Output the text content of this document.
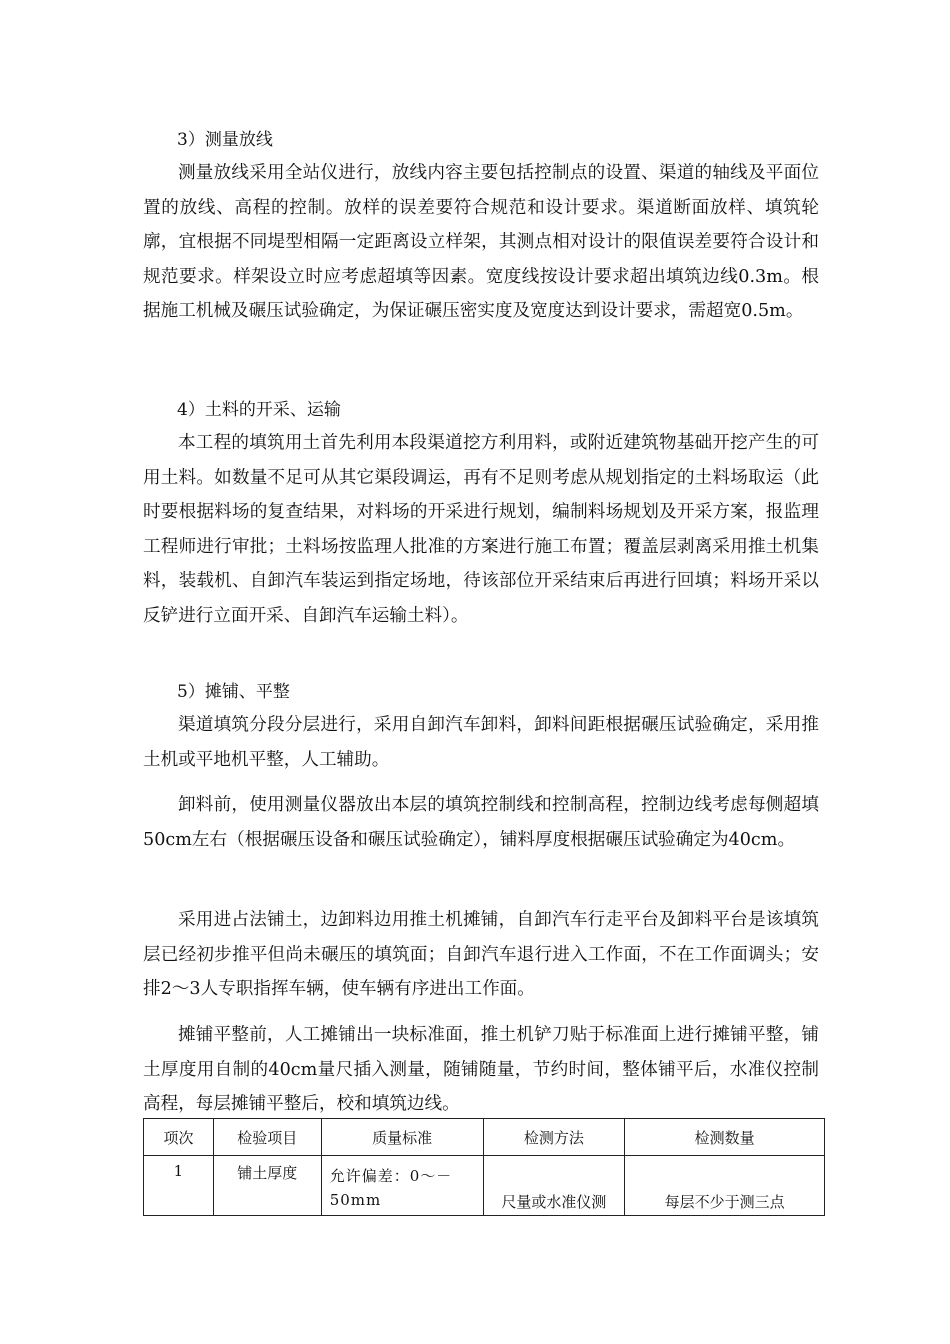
3）测量放线

测量放线采用全站仪进行，放线内容主要包括控制点的设置、渠道的轴线及平面位置的放线、高程的控制。放样的误差要符合规范和设计要求。渠道断面放样、填筑轮廓，宜根据不同堤型相隔一定距离设立样架，其测点相对设计的限值误差要符合设计和规范要求。样架设立时应考虑超填等因素。宽度线按设计要求超出填筑边线0.3m。根据施工机械及碾压试验确定，为保证碾压密实度及宽度达到设计要求，需超宽0.5m。

4）土料的开采、运输

本工程的填筑用土首先利用本段渠道挖方利用料，或附近建筑物基础开挖产生的可用土料。如数量不足可从其它渠段调运，再有不足则考虑从规划指定的土料场取运（此时要根据料场的复查结果，对料场的开采进行规划，编制料场规划及开采方案，报监理工程师进行审批；土料场按监理人批准的方案进行施工布置；覆盖层剥离采用推土机集料，装载机、自卸汽车装运到指定场地，待该部位开采结束后再进行回填；料场开采以反铲进行立面开采、自卸汽车运输土料）。

5）摊铺、平整

渠道填筑分段分层进行，采用自卸汽车卸料，卸料间距根据碾压试验确定，采用推土机或平地机平整，人工辅助。

卸料前，使用测量仪器放出本层的填筑控制线和控制高程，控制边线考虑每侧超填50cm左右（根据碾压设备和碾压试验确定），铺料厚度根据碾压试验确定为40cm。

采用进占法铺土，边卸料边用推土机摊铺，自卸汽车行走平台及卸料平台是该填筑层已经初步推平但尚未碾压的填筑面；自卸汽车退行进入工作面，不在工作面调头；安排2～3人专职指挥车辆，使车辆有序进出工作面。

摊铺平整前，人工摊铺出一块标准面，推土机铲刀贴于标准面上进行摊铺平整，铺土厚度用自制的40cm量尺插入测量，随铺随量，节约时间，整体铺平后，水准仪控制高程，每层摊铺平整后，校和填筑边线。

项次	检验项目	质量标准	检测方法	检测数量
1	铺土厚度	允许偏差：0～－50mm	尺量或水准仪测	每层不少于测三点
